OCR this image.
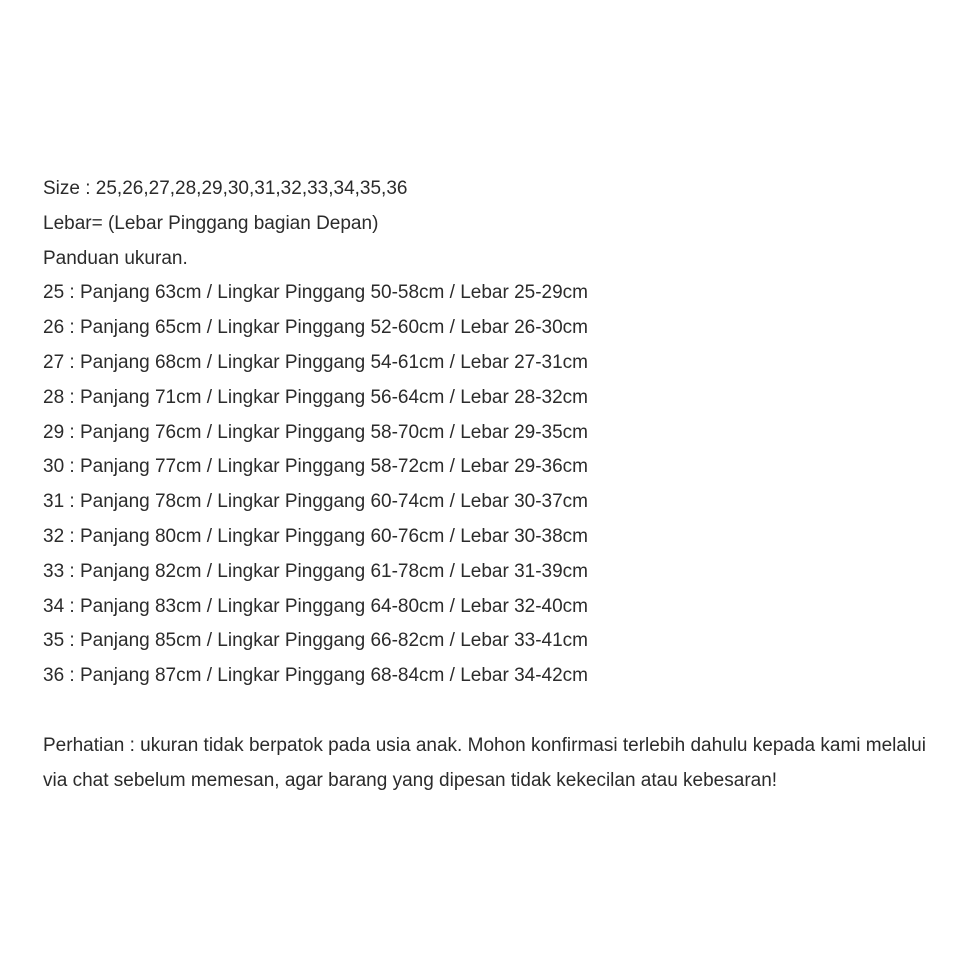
Size : 25,26,27,28,29,30,31,32,33,34,35,36
Lebar= (Lebar Pinggang bagian Depan)
Panduan ukuran.
25 : Panjang 63cm / Lingkar Pinggang 50-58cm / Lebar 25-29cm
26 : Panjang 65cm / Lingkar Pinggang 52-60cm / Lebar 26-30cm
27 : Panjang 68cm / Lingkar Pinggang 54-61cm / Lebar 27-31cm
28 : Panjang 71cm / Lingkar Pinggang 56-64cm / Lebar 28-32cm
29 : Panjang 76cm / Lingkar Pinggang 58-70cm / Lebar 29-35cm
30 : Panjang 77cm / Lingkar Pinggang 58-72cm / Lebar 29-36cm
31 : Panjang 78cm / Lingkar Pinggang 60-74cm / Lebar 30-37cm
32 : Panjang 80cm / Lingkar Pinggang 60-76cm / Lebar 30-38cm
33 : Panjang 82cm / Lingkar Pinggang 61-78cm / Lebar 31-39cm
34 : Panjang 83cm / Lingkar Pinggang 64-80cm / Lebar 32-40cm
35 : Panjang 85cm / Lingkar Pinggang 66-82cm / Lebar 33-41cm
36 : Panjang 87cm / Lingkar Pinggang 68-84cm / Lebar 34-42cm
Perhatian : ukuran tidak berpatok pada usia anak. Mohon konfirmasi terlebih dahulu kepada kami melalui via chat sebelum memesan, agar barang yang dipesan tidak kekecilan atau kebesaran!
